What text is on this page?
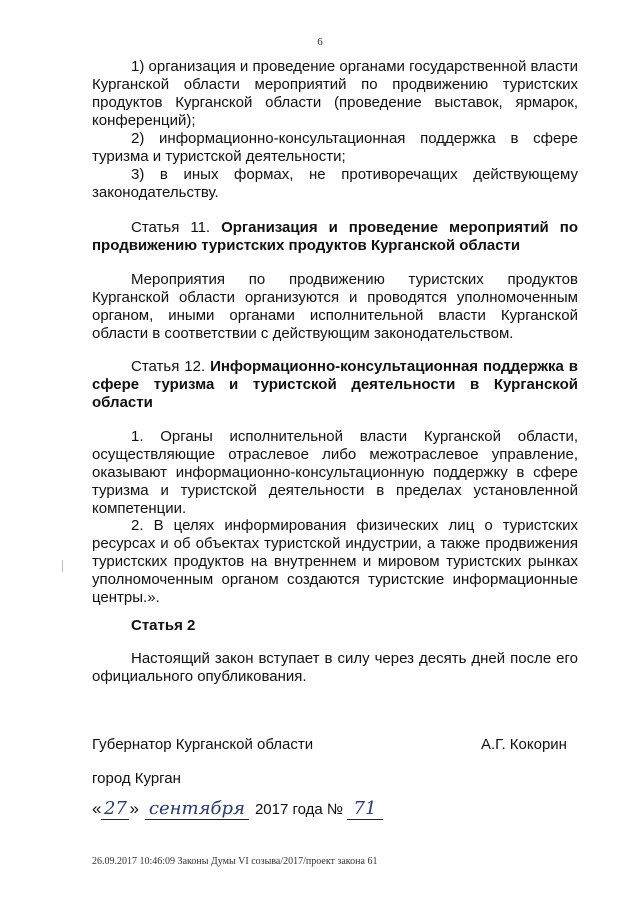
6
1) организация и проведение органами государственной власти Курганской области мероприятий по продвижению туристских продуктов Курганской области (проведение выставок, ярмарок, конференций);
2) информационно-консультационная поддержка в сфере туризма и туристской деятельности;
3) в иных формах, не противоречащих действующему законодательству.
Статья 11. Организация и проведение мероприятий по продвижению туристских продуктов Курганской области
Мероприятия по продвижению туристских продуктов Курганской области организуются и проводятся уполномоченным органом, иными органами исполнительной власти Курганской области в соответствии с действующим законодательством.
Статья 12. Информационно-консультационная поддержка в сфере туризма и туристской деятельности в Курганской области
1. Органы исполнительной власти Курганской области, осуществляющие отраслевое либо межотраслевое управление, оказывают информационно-консультационную поддержку в сфере туризма и туристской деятельности в пределах установленной компетенции.
2. В целях информирования физических лиц о туристских ресурсах и об объектах туристской индустрии, а также продвижения туристских продуктов на внутреннем и мировом туристских рынках уполномоченным органом создаются туристские информационные центры.».
Статья 2
Настоящий закон вступает в силу через десять дней после его официального опубликования.
Губернатор Курганской области	А.Г. Кокорин
город Курган
« 27 » сентября 2017 года № 71
26.09.2017 10:46:09 Законы Думы VI созыва/2017/проект закона 61
